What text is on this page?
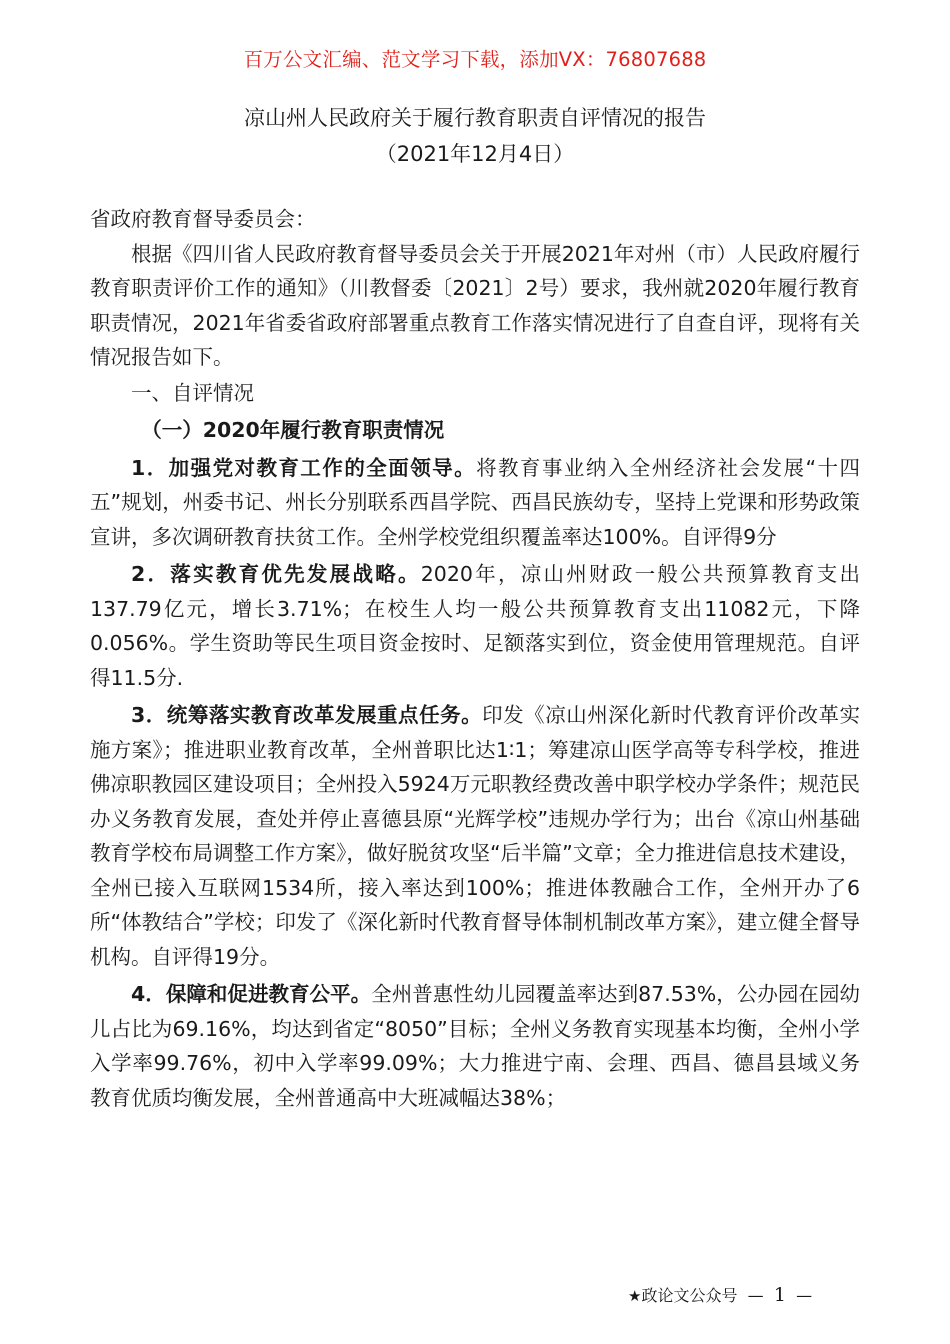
百万公文汇编、范文学习下载，添加VX：76807688
凉山州人民政府关于履行教育职责自评情况的报告
（2021年12月4日）

省政府教育督导委员会：

根据《四川省人民政府教育督导委员会关于开展2021年对州（市）人民政府履行教育职责评价工作的通知》（川教督委〔2021〕2号）要求，我州就2020年履行教育职责情况，2021年省委省政府部署重点教育工作落实情况进行了自查自评，现将有关情况报告如下。

一、自评情况

（一）2020年履行教育职责情况

1．加强党对教育工作的全面领导。将教育事业纳入全州经济社会发展“十四五”规划，州委书记、州长分别联系西昌学院、西昌民族幼专，坚持上党课和形势政策宣讲，多次调研教育扶贫工作。全州学校党组织覆盖率达100%。自评得9分

2．落实教育优先发展战略。2020年，凉山州财政一般公共预算教育支出137.79亿元，增长3.71%；在校生人均一般公共预算教育支出11082元，下降0.056%。学生资助等民生项目资金按时、足额落实到位，资金使用管理规范。自评得11.5分.

3．统筹落实教育改革发展重点任务。印发《凉山州深化新时代教育评价改革实施方案》；推进职业教育改革，全州普职比达1∶1；筹建凉山医学高等专科学校，推进佛凉职教园区建设项目；全州投入5924万元职教经费改善中职学校办学条件；规范民办义务教育发展，查处并停止喜德县原“光辉学校”违规办学行为；出台《凉山州基础教育学校布局调整工作方案》，做好脱贫攻坚“后半篇”文章；全力推进信息技术建设，全州已接入互联网1534所，接入率达到100%；推进体教融合工作，全州开办了6所“体教结合”学校；印发了《深化新时代教育督导体制机制改革方案》，建立健全督导机构。自评得19分。

4．保障和促进教育公平。全州普惠性幼儿园覆盖率达到87.53%，公办园在园幼儿占比为69.16%，均达到省定“8050”目标；全州义务教育实现基本均衡，全州小学入学率99.76%，初中入学率99.09%；大力推进宁南、会理、西昌、德昌县域义务教育优质均衡发展，全州普通高中大班减幅达38%；

★政论文公众号 — 1 —
